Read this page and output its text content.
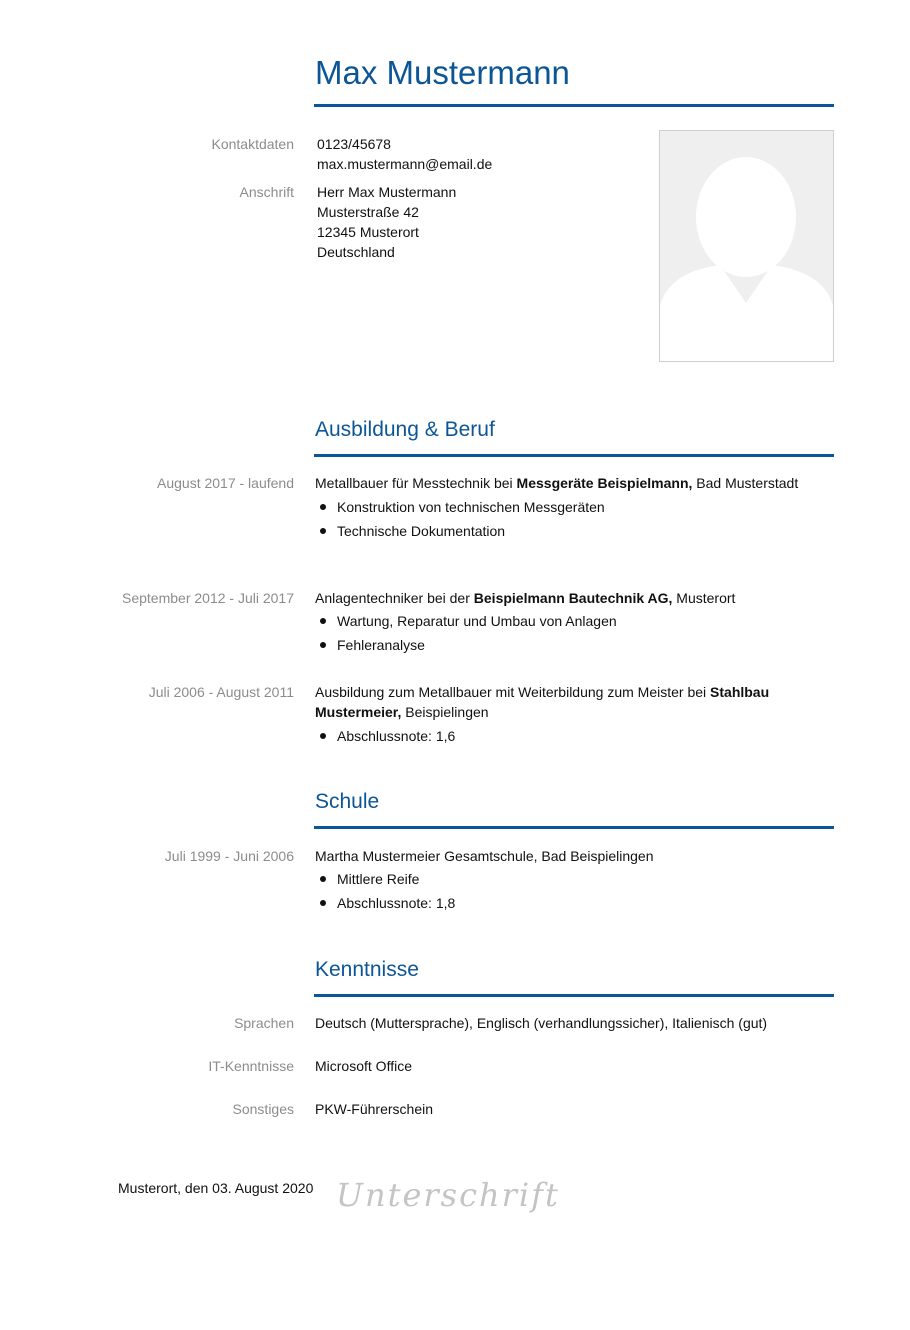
Max Mustermann
Kontaktdaten 0123/45678
max.mustermann@email.de
Anschrift Herr Max Mustermann
Musterstraße 42
12345 Musterort
Deutschland
Ausbildung & Beruf
August 2017 - laufend Metallbauer für Messtechnik bei Messgeräte Beispielmann, Bad Musterstadt
Konstruktion von technischen Messgeräten
Technische Dokumentation
September 2012 - Juli 2017 Anlagentechniker bei der Beispielmann Bautechnik AG, Musterort
Wartung, Reparatur und Umbau von Anlagen
Fehleranalyse
Juli 2006 - August 2011 Ausbildung zum Metallbauer mit Weiterbildung zum Meister bei Stahlbau
Mustermeier, Beispielingen
Abschlussnote: 1,6
Schule
Juli 1999 - Juni 2006 Martha Mustermeier Gesamtschule, Bad Beispielingen
Mittlere Reife
Abschlussnote: 1,8
Kenntnisse
Sprachen Deutsch (Muttersprache), Englisch (verhandlungssicher), Italienisch (gut)
IT-Kenntnisse Microsoft Office
Sonstiges PKW-Führerschein
Musterort, den 03. August 2020 Unterschrift
